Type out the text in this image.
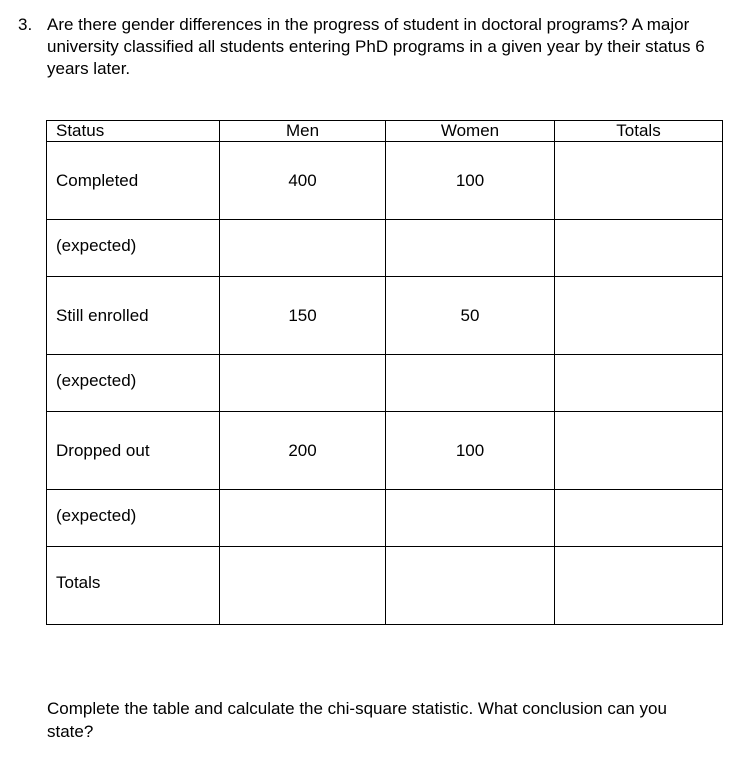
3. Are there gender differences in the progress of student in doctoral programs? A major university classified all students entering PhD programs in a given year by their status 6 years later.
Status	Men	Women	Totals

Completed	400	100	

(expected)			

Still enrolled	150	50	

(expected)			

Dropped out	200	100	

(expected)			

Totals			

Complete the table and calculate the chi-square statistic. What conclusion can you state?
